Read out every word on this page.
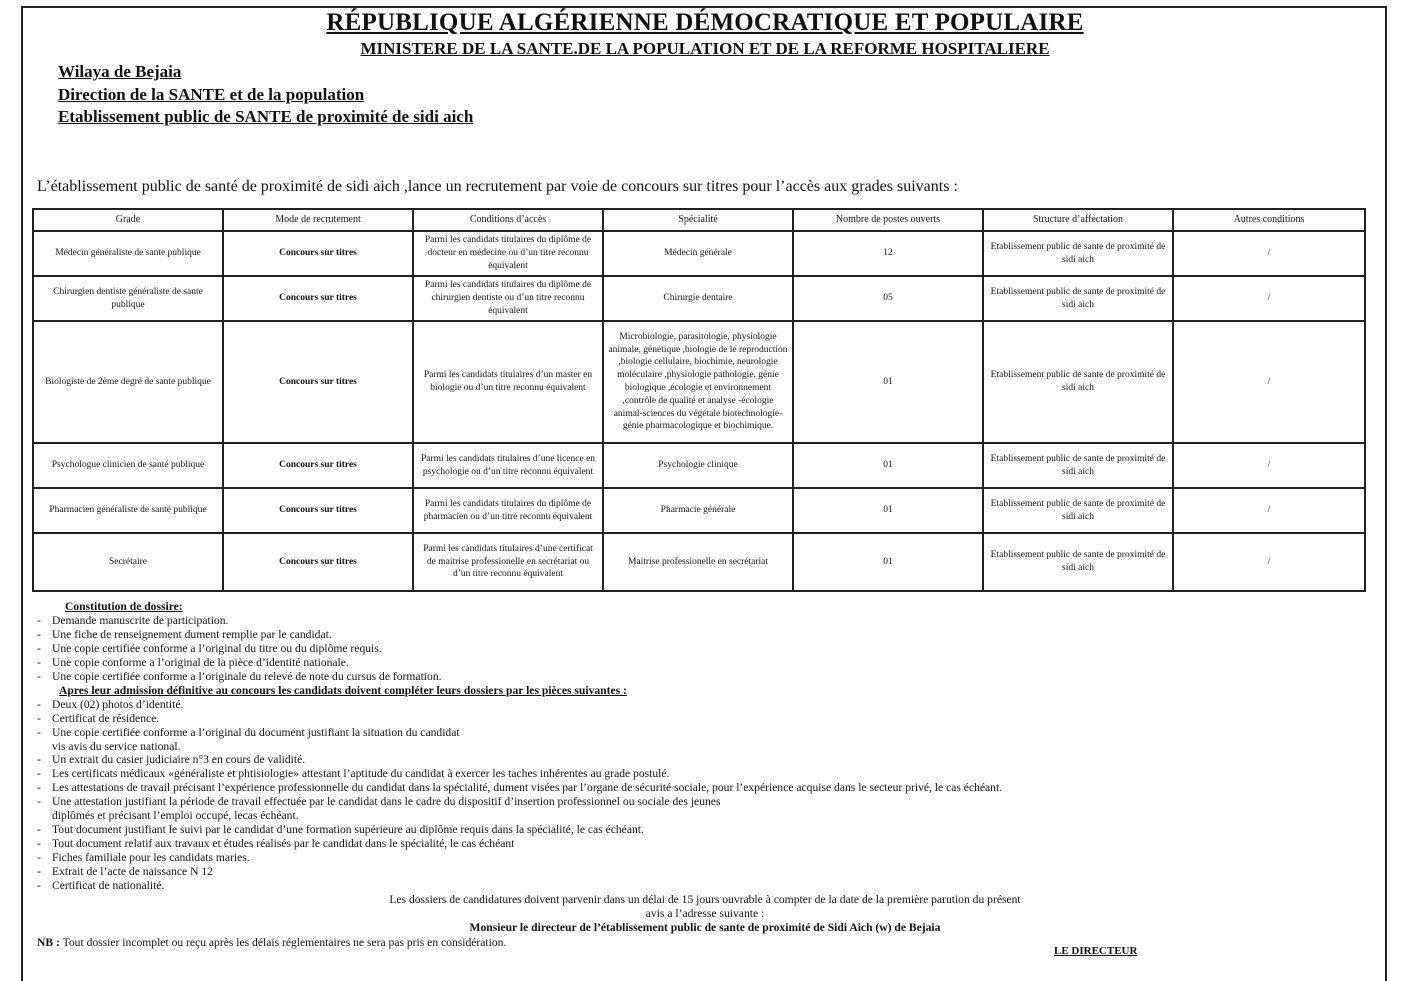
RÉPUBLIQUE ALGÉRIENNE DÉMOCRATIQUE ET POPULAIRE
MINISTERE DE LA SANTE.DE LA POPULATION ET DE LA REFORME HOSPITALIERE
Wilaya de Bejaia
Direction de la SANTE et de la population
Etablissement public de SANTE de proximité de sidi aich
L’établissement public de santé de proximité de sidi aich ,lance un recrutement par voie de concours sur titres pour l’accès aux grades suivants :
Grade	Mode de recrutement	Conditions d’accès	Spécialité	Nombre de postes ouverts	Structure d’affectation	Autres conditions
Médecin généraliste de sante publique	Concours sur titres	Parmi les candidats titulaires du diplôme de docteur en médecine ou d’un titre reconnu équivalent	Médecin générale	12	Etablissement public de sante de proximité de sidi aich	/
Chirurgien dentiste généraliste de sante publique	Concours sur titres	Parmi les candidats titulaires du diplôme de chirurgien dentiste ou d’un titre reconnu équivalent	Chirurgie dentaire	05	Etablissement public de sante de proximité de sidi aich	/
Biologiste de 2ème degré de sante publique	Concours sur titres	Parmi les candidats titulaires d’un master en biologie ou d’un titre reconnu équivalent	Microbiologie, parasitologie, physiologie animale, génétique ,biologie de le reproduction ,biologie cellulaire, biochimie, neurologie moléculaire ,physiologie pathologie, génie biologique ,écologie et environnement ,contrôle de qualité et analyse -écologie animal-sciences du végétale biotechnologie-génie pharmacologique et biochimique.	01	Etablissement public de sante de proximité de sidi aich	/
Psychologue clinicien de santé publique	Concours sur titres	Parmi les candidats titulaires d’une licence en psychologie ou d’un titre reconnu équivalent	Psychologie clinique	01	Etablissement public de sante de proximité de sidi aich	/
Pharmacien généraliste de santé publique	Concours sur titres	Parmi les candidats titulaires du diplôme de pharmacien ou d’un titre reconnu équivalent	Pharmacie générale	01	Etablissement public de sante de proximité de sidi aich	/
Secrétaire	Concours sur titres	Parmi les candidats titulaires d’une certificat de maitrise professionelle en secrétariat ou d’un titre reconnu équivalent	Maitrise professionelle en secrétariat	01	Etablissement public de sante de proximité de sidi aich	/
Constitution de dossire:
- Demande manuscrite de participation.
- Une fiche de renseignement dument remplie par le candidat.
- Une copie certifiée conforme a l’original du titre ou du diplôme requis.
- Une copie conforme a l’original de la pièce d’identité nationale.
- Une copie certifiée conforme a l’originale du relevé de note du cursus de formation.
Apres leur admission définitive au concours les candidats doivent compléter leurs dossiers par les pièces suivantes :
- Deux (02) photos d’identité.
- Certificat de résidence.
- Une copie certifiée conforme a l’original du document justifiant la situation du candidat
vis avis du service national.
- Un extrait du casier judiciaire n°3 en cours de validité.
- Les certificats médicaux «généraliste et phtisiologie» attestant l’aptitude du candidat à exercer les taches inhérentes au grade postulé.
- Les attestations de travail précisant l’expérience professionnelle du candidat dans la spécialité, dument visées par l’organe de sécurité sociale, pour l’expérience acquise dans le secteur privé, le cas échéant.
- Une attestation justifiant la période de travail effectuée par le candidat dans le cadre du dispositif d’insertion professionnel ou sociale des jeunes
diplômés et précisant l’emploi occupé, lecas échéant.
- Tout document justifiant le suivi par le candidat d’une formation supérieure au diplôme requis dans la spécialité, le cas échéant.
- Tout document relatif aux travaux et études réalisés par le candidat dans le spécialité, le cas échéant
- Fiches familiale pour les candidats maries.
- Extrait de l’acte de naissance N 12
- Certificat de nationalité.
Les dossiers de candidatures doivent parvenir dans un délai de 15 jours ouvrable à compter de la date de la première parution du présent
avis a l’adresse suivante :
Monsieur le directeur de l’établissement public de sante de proximité de Sidi Aich (w) de Bejaia
NB : Tout dossier incomplet ou reçu après les délais réglementaires ne sera pas pris en considération.
LE DIRECTEUR
